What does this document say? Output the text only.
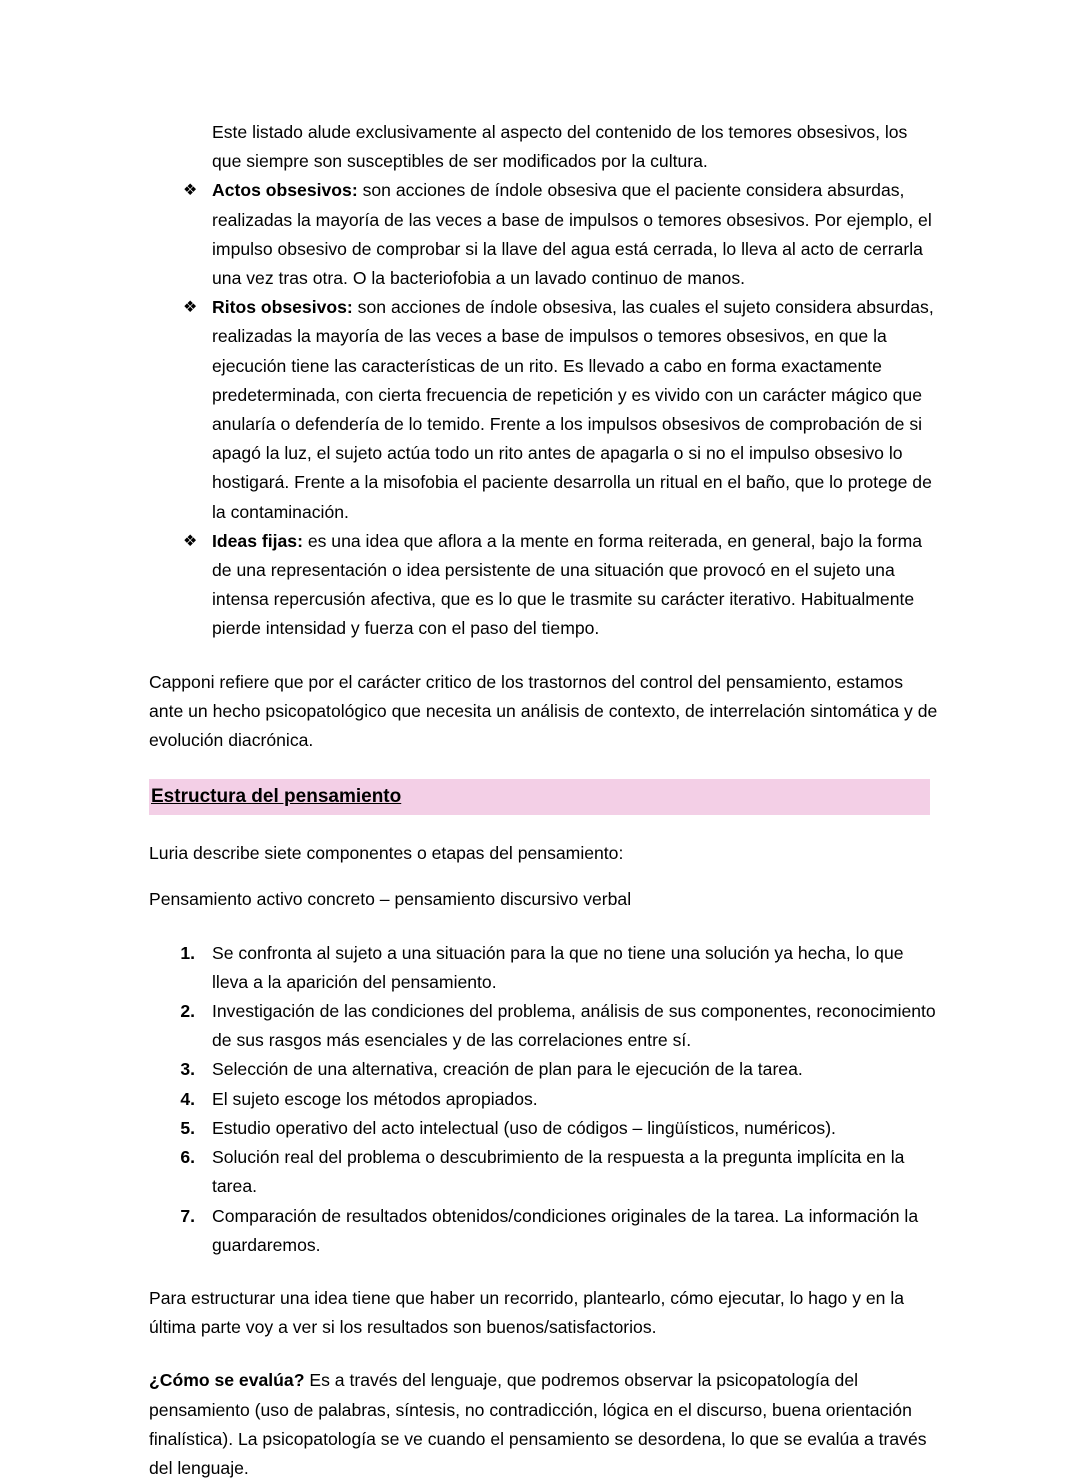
Este listado alude exclusivamente al aspecto del contenido de los temores obsesivos, los que siempre son susceptibles de ser modificados por la cultura.

❖ Actos obsesivos: son acciones de índole obsesiva que el paciente considera absurdas, realizadas la mayoría de las veces a base de impulsos o temores obsesivos. Por ejemplo, el impulso obsesivo de comprobar si la llave del agua está cerrada, lo lleva al acto de cerrarla una vez tras otra. O la bacteriofobia a un lavado continuo de manos.
❖ Ritos obsesivos: son acciones de índole obsesiva, las cuales el sujeto considera absurdas, realizadas la mayoría de las veces a base de impulsos o temores obsesivos, en que la ejecución tiene las características de un rito. Es llevado a cabo en forma exactamente predeterminada, con cierta frecuencia de repetición y es vivido con un carácter mágico que anularía o defendería de lo temido. Frente a los impulsos obsesivos de comprobación de si apagó la luz, el sujeto actúa todo un rito antes de apagarla o si no el impulso obsesivo lo hostigará. Frente a la misofobia el paciente desarrolla un ritual en el baño, que lo protege de la contaminación.
❖ Ideas fijas: es una idea que aflora a la mente en forma reiterada, en general, bajo la forma de una representación o idea persistente de una situación que provocó en el sujeto una intensa repercusión afectiva, que es lo que le trasmite su carácter iterativo. Habitualmente pierde intensidad y fuerza con el paso del tiempo.

Capponi refiere que por el carácter critico de los trastornos del control del pensamiento, estamos ante un hecho psicopatológico que necesita un análisis de contexto, de interrelación sintomática y de evolución diacrónica.

Estructura del pensamiento

Luria describe siete componentes o etapas del pensamiento:

Pensamiento activo concreto – pensamiento discursivo verbal

1. Se confronta al sujeto a una situación para la que no tiene una solución ya hecha, lo que lleva a la aparición del pensamiento.
2. Investigación de las condiciones del problema, análisis de sus componentes, reconocimiento de sus rasgos más esenciales y de las correlaciones entre sí.
3. Selección de una alternativa, creación de plan para le ejecución de la tarea.
4. El sujeto escoge los métodos apropiados.
5. Estudio operativo del acto intelectual (uso de códigos – lingüísticos, numéricos).
6. Solución real del problema o descubrimiento de la respuesta a la pregunta implícita en la tarea.
7. Comparación de resultados obtenidos/condiciones originales de la tarea. La información la guardaremos.

Para estructurar una idea tiene que haber un recorrido, plantearlo, cómo ejecutar, lo hago y en la última parte voy a ver si los resultados son buenos/satisfactorios.

¿Cómo se evalúa? Es a través del lenguaje, que podremos observar la psicopatología del pensamiento (uso de palabras, síntesis, no contradicción, lógica en el discurso, buena orientación finalística). La psicopatología se ve cuando el pensamiento se desordena, lo que se evalúa a través del lenguaje.
